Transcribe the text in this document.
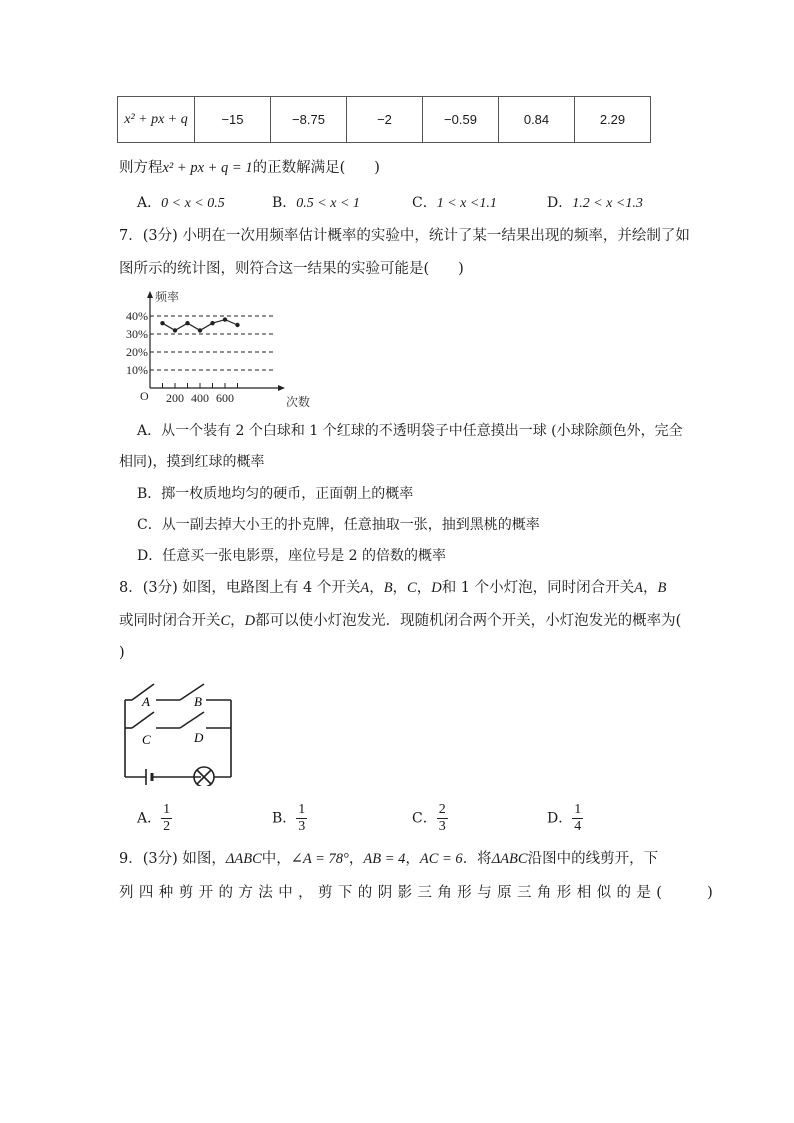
x² + px + q	−15	−8.75	−2	−0.59	0.84	2.29
则方程x² + px + q = 1的正数解满足(　　)
A．0 < x < 0.5	B．0.5 < x < 1	C．1 < x <1.1	D．1.2 < x <1.3
7．(3分) 小明在一次用频率估计概率的实验中，统计了某一结果出现的频率，并绘制了如
图所示的统计图，则符合这一结果的实验可能是(　　)
频率
次数
O
10%
20%
30%
40%
200 400 600
A．从一个装有 2 个白球和 1 个红球的不透明袋子中任意摸出一球 (小球除颜色外，完全
相同)，摸到红球的概率
B．掷一枚质地均匀的硬币，正面朝上的概率
C．从一副去掉大小王的扑克牌，任意抽取一张，抽到黑桃的概率
D．任意买一张电影票，座位号是 2 的倍数的概率
8．(3分) 如图，电路图上有 4 个开关A，B，C，D和 1 个小灯泡，同时闭合开关A，B
或同时闭合开关C，D都可以使小灯泡发光．现随机闭合两个开关，小灯泡发光的概率为(
)
A	B
C	D
A． $\frac{1}{2}$	B． $\frac{1}{3}$	C． $\frac{2}{3}$	D． $\frac{1}{4}$
9．(3分) 如图，ΔABC中，∠A = 78°，AB = 4，AC = 6．将ΔABC沿图中的线剪开，下
列四种剪开的方法中，剪下的阴影三角形与原三角形相似的是(　　)
